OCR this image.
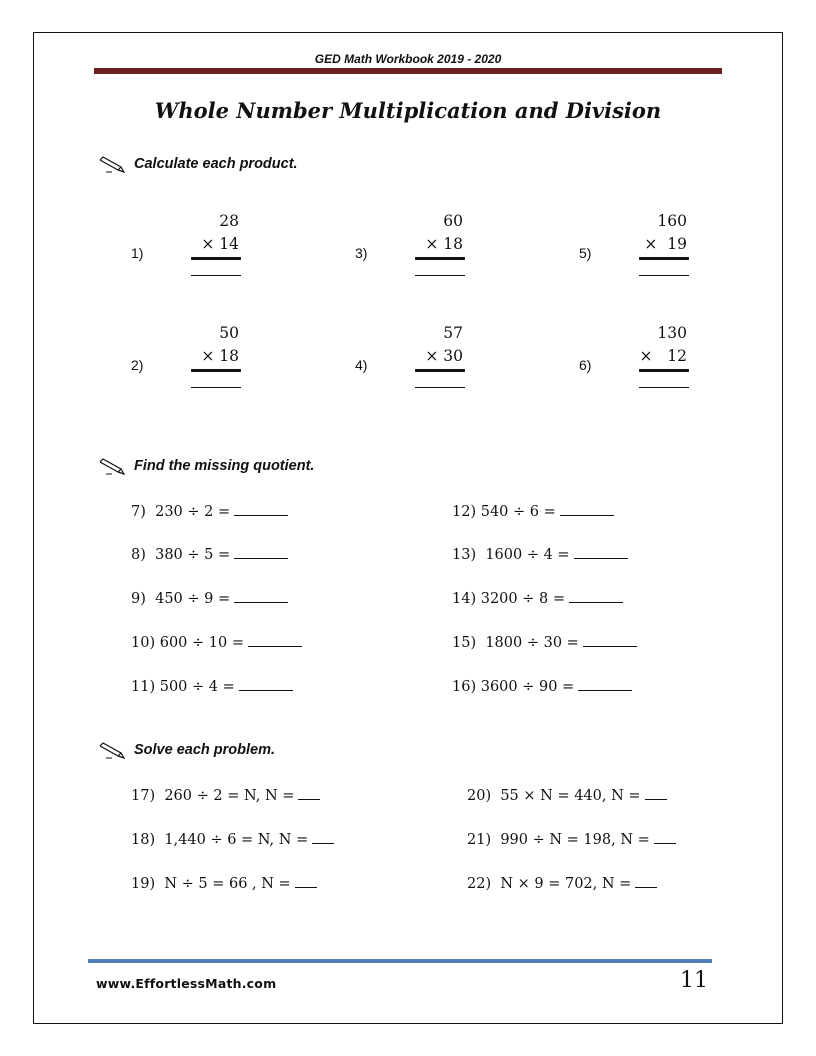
GED Math Workbook 2019 - 2020
Whole Number Multiplication and Division
Calculate each product.
1)
28
× 14
2)
50
× 18
3)
60
× 18
4)
57
× 30
5)
160
×  19
6)
130
×   12
Find the missing quotient.
7) 230 ÷ 2 =
8) 380 ÷ 5 =
9) 450 ÷ 9 =
10) 600 ÷ 10 =
11) 500 ÷ 4 =
12) 540 ÷ 6 =
13) 1600 ÷ 4 =
14) 3200 ÷ 8 =
15) 1800 ÷ 30 =
16) 3600 ÷ 90 =
Solve each problem.
17) 260 ÷ 2 = N, N =
18) 1,440 ÷ 6 = N, N =
19) N ÷ 5 = 66 , N =
20) 55 × N = 440, N =
21) 990 ÷ N = 198, N =
22) N × 9 = 702, N =
www.EffortlessMath.com	11
